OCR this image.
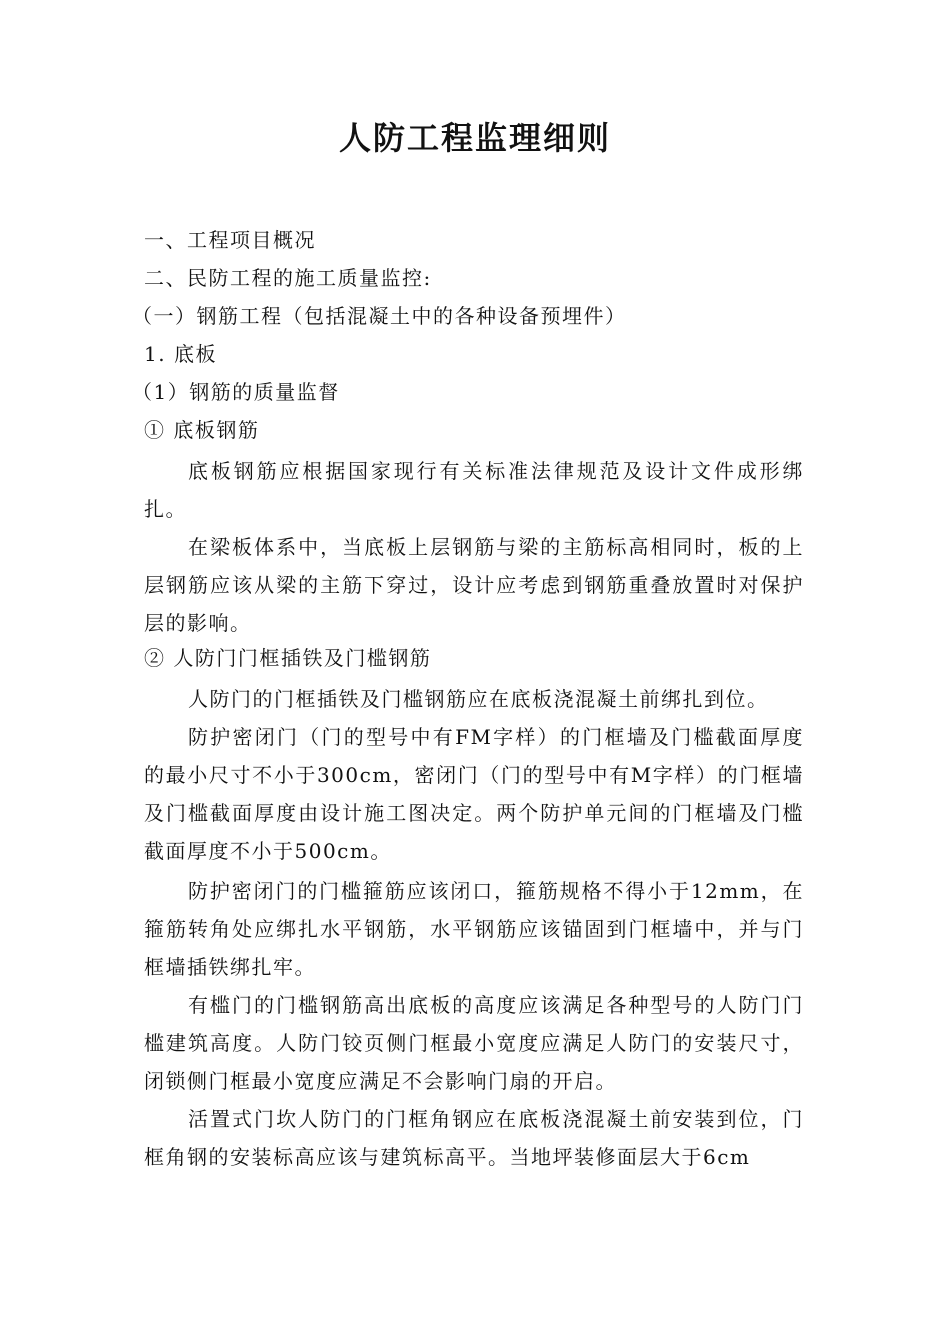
人防工程监理细则
一、工程项目概况
二、民防工程的施工质量监控:
（一）钢筋工程（包括混凝土中的各种设备预埋件）
1. 底板
（1）钢筋的质量监督
① 底板钢筋
底板钢筋应根据国家现行有关标准法律规范及设计文件成形绑扎。
在梁板体系中，当底板上层钢筋与梁的主筋标高相同时，板的上层钢筋应该从梁的主筋下穿过，设计应考虑到钢筋重叠放置时对保护层的影响。
② 人防门门框插铁及门槛钢筋
人防门的门框插铁及门槛钢筋应在底板浇混凝土前绑扎到位。
防护密闭门（门的型号中有FM字样）的门框墙及门槛截面厚度的最小尺寸不小于300cm，密闭门（门的型号中有M字样）的门框墙及门槛截面厚度由设计施工图决定。两个防护单元间的门框墙及门槛截面厚度不小于500cm。
防护密闭门的门槛箍筋应该闭口，箍筋规格不得小于12mm，在箍筋转角处应绑扎水平钢筋，水平钢筋应该锚固到门框墙中，并与门框墙插铁绑扎牢。
有槛门的门槛钢筋高出底板的高度应该满足各种型号的人防门门槛建筑高度。人防门铰页侧门框最小宽度应满足人防门的安装尺寸，闭锁侧门框最小宽度应满足不会影响门扇的开启。
活置式门坎人防门的门框角钢应在底板浇混凝土前安装到位，门框角钢的安装标高应该与建筑标高平。当地坪装修面层大于6cm
